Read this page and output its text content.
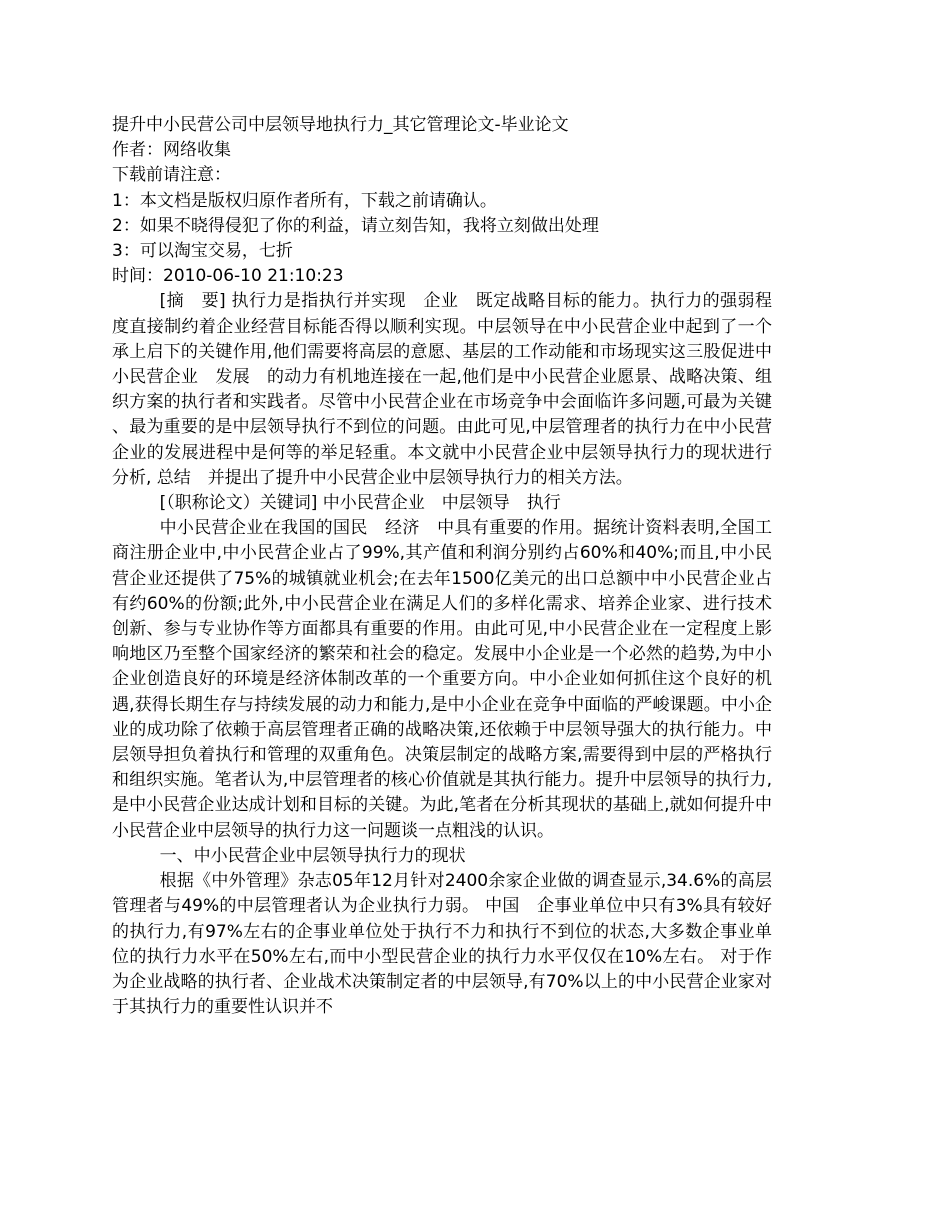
提升中小民营公司中层领导地执行力_其它管理论文-毕业论文
作者：网络收集
下载前请注意：
1：本文档是版权归原作者所有，下载之前请确认。
2：如果不晓得侵犯了你的利益，请立刻告知，我将立刻做出处理
3：可以淘宝交易，七折
时间：2010-06-10 21:10:23

[摘　要] 执行力是指执行并实现　企业　既定战略目标的能力。执行力的强弱程度直接制约着企业经营目标能否得以顺利实现。中层领导在中小民营企业中起到了一个承上启下的关键作用,他们需要将高层的意愿、基层的工作动能和市场现实这三股促进中小民营企业　发展　的动力有机地连接在一起,他们是中小民营企业愿景、战略决策、组织方案的执行者和实践者。尽管中小民营企业在市场竞争中会面临许多问题,可最为关键、最为重要的是中层领导执行不到位的问题。由此可见,中层管理者的执行力在中小民营企业的发展进程中是何等的举足轻重。本文就中小民营企业中层领导执行力的现状进行分析, 总结　并提出了提升中小民营企业中层领导执行力的相关方法。

[（职称论文）关键词] 中小民营企业　中层领导　执行

中小民营企业在我国的国民　经济　中具有重要的作用。据统计资料表明,全国工商注册企业中,中小民营企业占了99%,其产值和利润分别约占60%和40%;而且,中小民营企业还提供了75%的城镇就业机会;在去年1500亿美元的出口总额中中小民营企业占有约60%的份额;此外,中小民营企业在满足人们的多样化需求、培养企业家、进行技术创新、参与专业协作等方面都具有重要的作用。由此可见,中小民营企业在一定程度上影响地区乃至整个国家经济的繁荣和社会的稳定。发展中小企业是一个必然的趋势,为中小企业创造良好的环境是经济体制改革的一个重要方向。中小企业如何抓住这个良好的机遇,获得长期生存与持续发展的动力和能力,是中小企业在竞争中面临的严峻课题。中小企业的成功除了依赖于高层管理者正确的战略决策,还依赖于中层领导强大的执行能力。中层领导担负着执行和管理的双重角色。决策层制定的战略方案,需要得到中层的严格执行和组织实施。笔者认为,中层管理者的核心价值就是其执行能力。提升中层领导的执行力,是中小民营企业达成计划和目标的关键。为此,笔者在分析其现状的基础上,就如何提升中小民营企业中层领导的执行力这一问题谈一点粗浅的认识。

一、中小民营企业中层领导执行力的现状

根据《中外管理》杂志05年12月针对2400余家企业做的调查显示,34.6%的高层管理者与49%的中层管理者认为企业执行力弱。 中国　企事业单位中只有3%具有较好的执行力,有97%左右的企事业单位处于执行不力和执行不到位的状态,大多数企事业单位的执行力水平在50%左右,而中小型民营企业的执行力水平仅仅在10%左右。 对于作为企业战略的执行者、企业战术决策制定者的中层领导,有70%以上的中小民营企业家对于其执行力的重要性认识并不
